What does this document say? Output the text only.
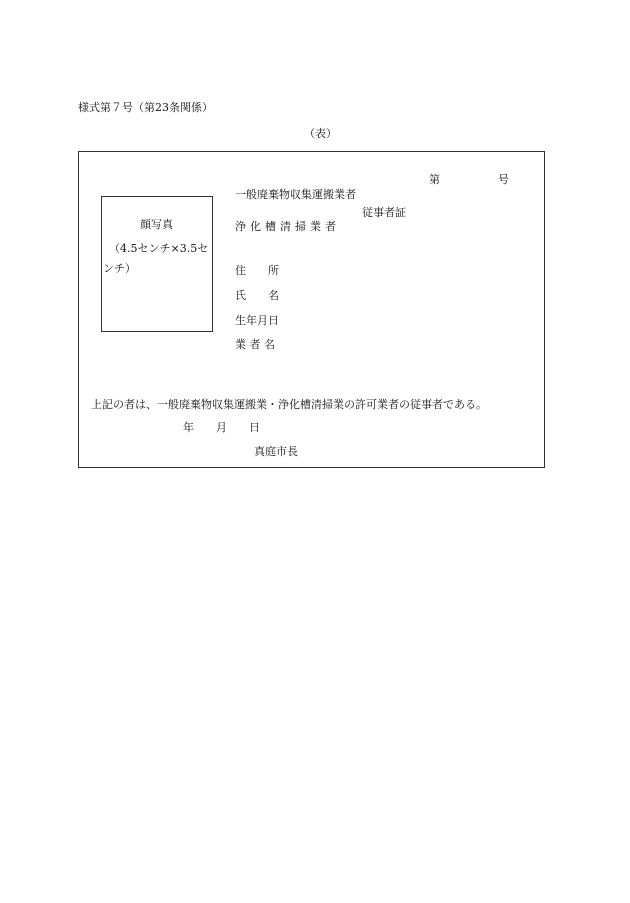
様式第７号（第23条関係）
（表）
顔写真
（4.5センチ×3.5センチ）
第	号
一般廃棄物収集運搬業者
従事者証
浄化槽清掃業者
住　　所
氏　　名
生年月日
業 者 名
上記の者は、一般廃棄物収集運搬業・浄化槽清掃業の許可業者の従事者である。
年　　月　　日
真庭市長
